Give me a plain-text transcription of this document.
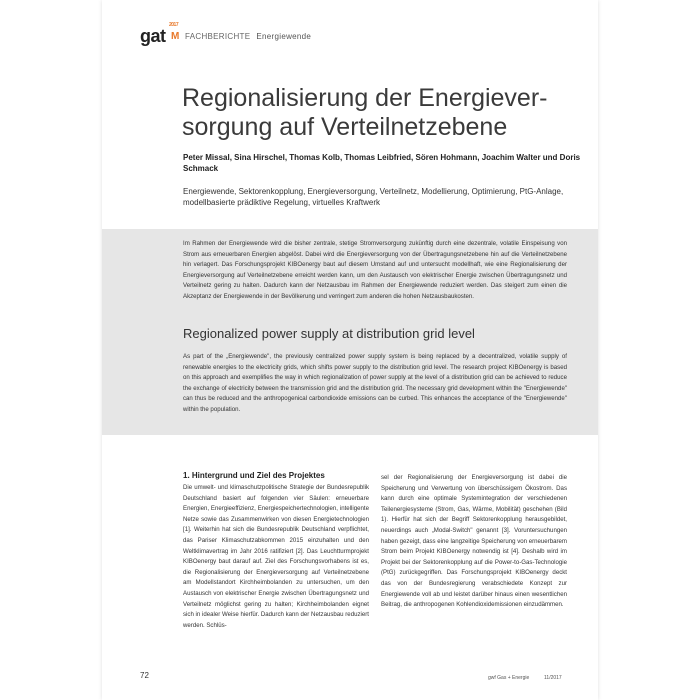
gat
2017
M FACHBERICHTE Energiewende
Regionalisierung der Energiever-
sorgung auf Verteilnetzebene
Peter Missal, Sina Hirschel, Thomas Kolb, Thomas Leibfried, Sören Hohmann, Joachim Walter und Doris Schmack
Energiewende, Sektorenkopplung, Energieversorgung, Verteilnetz, Modellierung, Optimierung, PtG-Anlage, modellbasierte prädiktive Regelung, virtuelles Kraftwerk
Im Rahmen der Energiewende wird die bisher zentrale, stetige Stromversorgung zukünftig durch eine dezentrale, volatile Einspeisung von Strom aus erneuerbaren Energien abgelöst. Dabei wird die Energieversorgung von der Übertragungsnetzebene hin auf die Verteilnetzebene hin verlagert. Das Forschungsprojekt KIBOenergy baut auf diesem Umstand auf und untersucht modellhaft, wie eine Regionalisierung der Energieversorgung auf Verteilnetzebene erreicht werden kann, um den Austausch von elektrischer Energie zwischen Übertragungsnetz und Verteilnetz gering zu halten. Dadurch kann der Netzausbau im Rahmen der Energiewende reduziert werden. Das steigert zum einen die Akzeptanz der Energiewende in der Bevölkerung und verringert zum anderen die hohen Netzausbaukosten.
Regionalized power supply at distribution grid level
As part of the „Energiewende", the previously centralized power supply system is being replaced by a decentralized, volatile supply of renewable energies to the electricity grids, which shifts power supply to the distribution grid level. The research project KIBOenergy is based on this approach and exemplifies the way in which regionalization of power supply at the level of a distribution grid can be achieved to reduce the exchange of electricity between the transmission grid and the distribution grid. The necessary grid development within the "Energiewende" can thus be reduced and the anthropogenical carbondioxide emissions can be curbed. This enhances the acceptance of the "Energiewende" within the population.
1. Hintergrund und Ziel des Projektes
Die umwelt- und klimaschutzpolitische Strategie der Bundesrepublik Deutschland basiert auf folgenden vier Säulen: erneuerbare Energien, Energieeffizienz, Energiespeichertechnologien, intelligente Netze sowie das Zusammenwirken von diesen Energietechnologien [1]. Weiterhin hat sich die Bundesrepublik Deutschland verpflichtet, das Pariser Klimaschutzabkommen 2015 einzuhalten und den Weltklimavertrag im Jahr 2016 ratifiziert [2]. Das Leuchtturmprojekt KIBOenergy baut darauf auf. Ziel des Forschungsvorhabens ist es, die Regionalisierung der Energieversorgung auf Verteilnetzebene am Modellstandort Kirchheimbolanden zu untersuchen, um den Austausch von elektrischer Energie zwischen Übertragungsnetz und Verteilnetz möglichst gering zu halten; Kirchheimbolanden eignet sich in idealer Weise hierfür. Dadurch kann der Netzausbau reduziert werden. Schlüs-
sel der Regionalisierung der Energieversorgung ist dabei die Speicherung und Verwertung von überschüssigem Ökostrom. Das kann durch eine optimale Systemintegration der verschiedenen Teilenergiesysteme (Strom, Gas, Wärme, Mobilität) geschehen (Bild 1). Hierfür hat sich der Begriff Sektorenkopplung herausgebildet, neuerdings auch „Modal-Switch" genannt [3]. Voruntersuchungen haben gezeigt, dass eine langzeitige Speicherung von erneuerbarem Strom beim Projekt KIBOenergy notwendig ist [4]. Deshalb wird im Projekt bei der Sektorenkopplung auf die Power-to-Gas-Technologie (PtG) zurückgegriffen. Das Forschungsprojekt KIBOenergy deckt das von der Bundesregierung verabschiedete Konzept zur Energiewende voll ab und leistet darüber hinaus einen wesentlichen Beitrag, die anthropogenen Kohlendioxidemissionen einzudämmen.
72	gwf Gas + Energie	11/2017
